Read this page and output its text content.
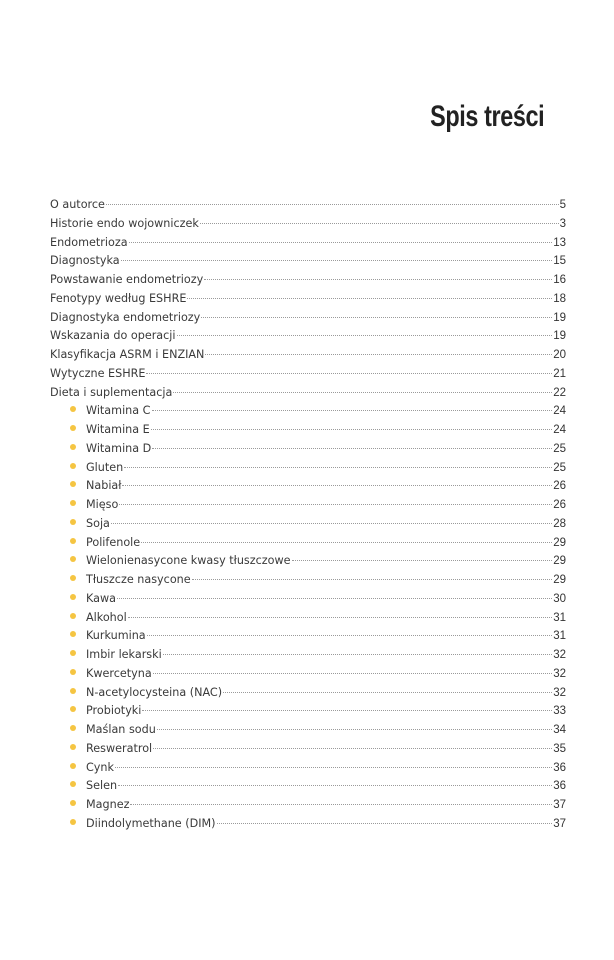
Spis treści
O autorce	5
Historie endo wojowniczek	3
Endometrioza	13
Diagnostyka	15
Powstawanie endometriozy	16
Fenotypy według ESHRE	18
Diagnostyka endometriozy	19
Wskazania do operacji	19
Klasyfikacja ASRM i ENZIAN	20
Wytyczne ESHRE	21
Dieta i suplementacja	22
Witamina C	24
Witamina E	24
Witamina D	25
Gluten	25
Nabiał	26
Mięso	26
Soja	28
Polifenole	29
Wielonienasycone kwasy tłuszczowe	29
Tłuszcze nasycone	29
Kawa	30
Alkohol	31
Kurkumina	31
Imbir lekarski	32
Kwercetyna	32
N-acetylocysteina (NAC)	32
Probiotyki	33
Maślan sodu	34
Resweratrol	35
Cynk	36
Selen	36
Magnez	37
Diindolymethane (DIM)	37
